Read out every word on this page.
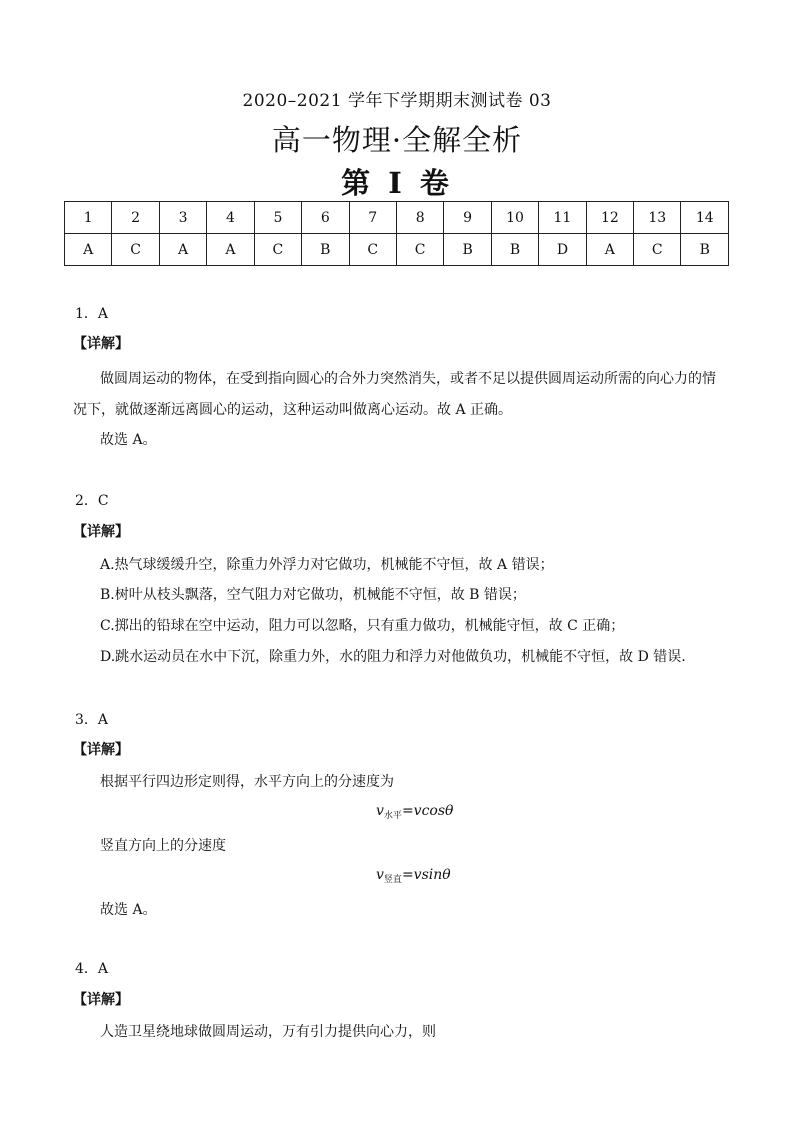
2020–2021 学年下学期期末测试卷 03
高一物理·全解全析
第 I 卷
1	2	3	4	5	6	7	8	9	10	11	12	13	14
A	C	A	A	C	B	C	C	B	B	D	A	C	B
1．A
【详解】
做圆周运动的物体，在受到指向圆心的合外力突然消失，或者不足以提供圆周运动所需的向心力的情
况下，就做逐渐远离圆心的运动，这种运动叫做离心运动。故 A 正确。
故选 A。
2．C
【详解】
A.热气球缓缓升空，除重力外浮力对它做功，机械能不守恒，故 A 错误；
B.树叶从枝头飘落，空气阻力对它做功，机械能不守恒，故 B 错误；
C.掷出的铅球在空中运动，阻力可以忽略，只有重力做功，机械能守恒，故 C 正确；
D.跳水运动员在水中下沉，除重力外，水的阻力和浮力对他做负功，机械能不守恒，故 D 错误.
3．A
【详解】
根据平行四边形定则得，水平方向上的分速度为
$v_{水平}=vcos\theta$
竖直方向上的分速度
$v_{竖直}=vsin\theta$
故选 A。
4．A
【详解】
人造卫星绕地球做圆周运动，万有引力提供向心力，则
